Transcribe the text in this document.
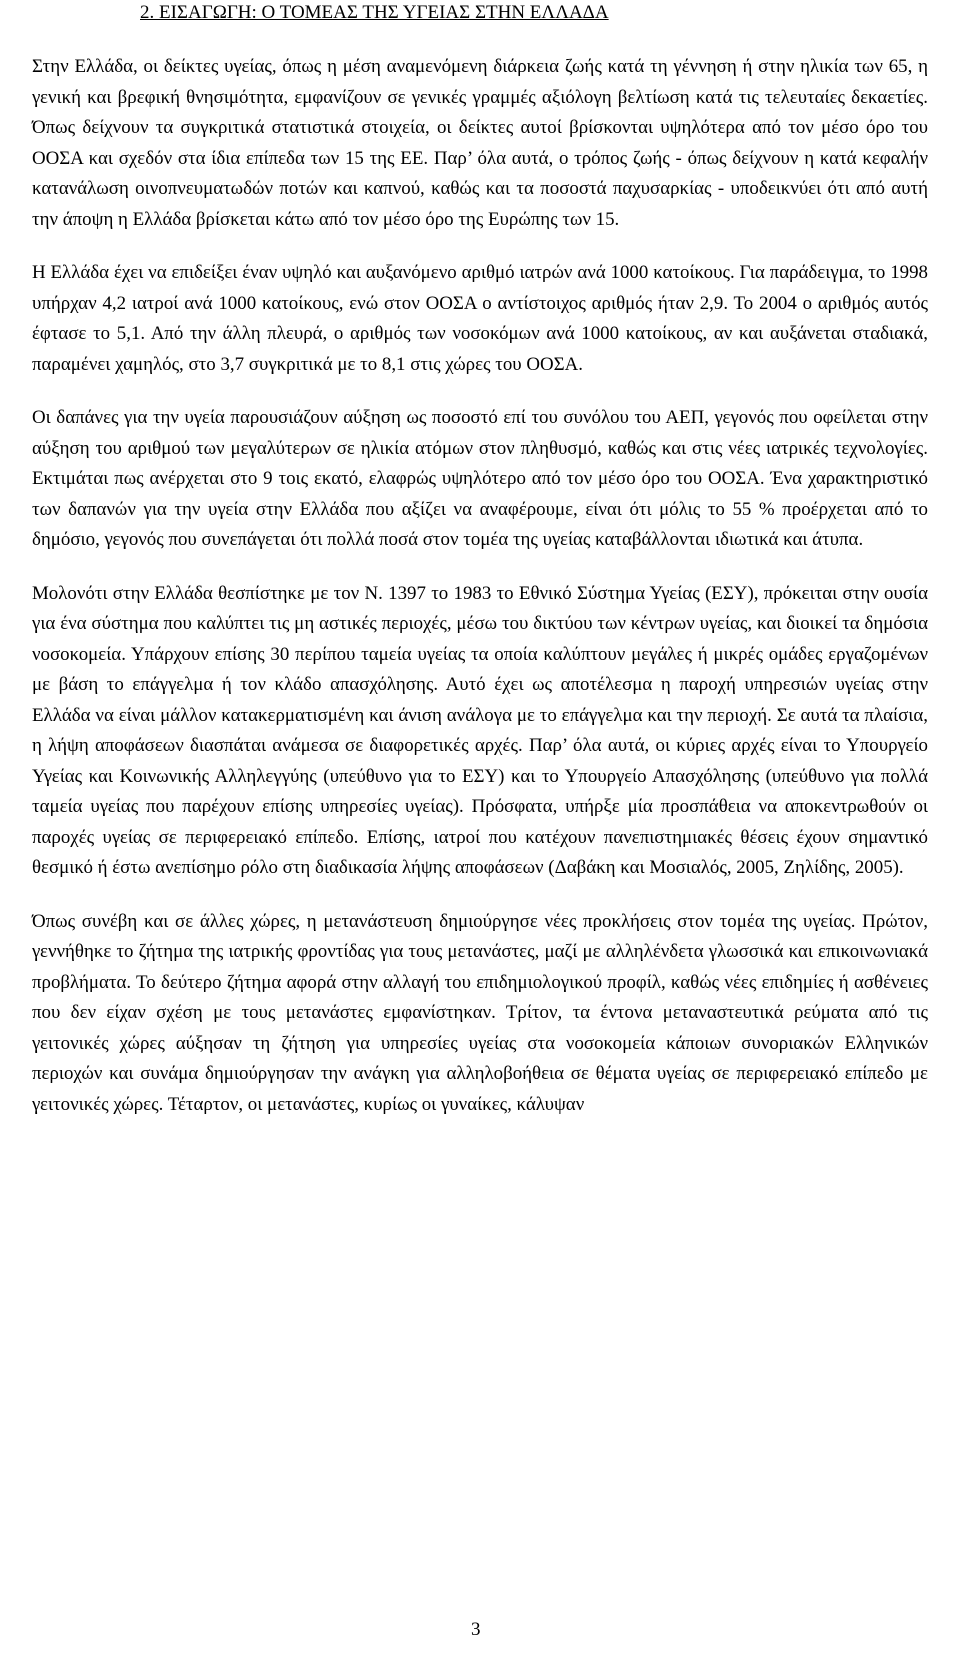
2. ΕΙΣΑΓΩΓΗ: Ο ΤΟΜΕΑΣ ΤΗΣ ΥΓΕΙΑΣ ΣΤΗΝ ΕΛΛΑΔΑ

Στην Ελλάδα, οι δείκτες υγείας, όπως η μέση αναμενόμενη διάρκεια ζωής κατά τη γέννηση ή στην ηλικία των 65, η γενική και βρεφική θνησιμότητα, εμφανίζουν σε γενικές γραμμές αξιόλογη βελτίωση κατά τις τελευταίες δεκαετίες. Όπως δείχνουν τα συγκριτικά στατιστικά στοιχεία, οι δείκτες αυτοί βρίσκονται υψηλότερα από τον μέσο όρο του ΟΟΣΑ και σχεδόν στα ίδια επίπεδα των 15 της ΕΕ. Παρ’ όλα αυτά, ο τρόπος ζωής - όπως δείχνουν η κατά κεφαλήν κατανάλωση οινοπνευματωδών ποτών και καπνού, καθώς και τα ποσοστά παχυσαρκίας - υποδεικνύει ότι από αυτή την άποψη η Ελλάδα βρίσκεται κάτω από τον μέσο όρο της Ευρώπης των 15.

Η Ελλάδα έχει να επιδείξει έναν υψηλό και αυξανόμενο αριθμό ιατρών ανά 1000 κατοίκους. Για παράδειγμα, το 1998 υπήρχαν 4,2 ιατροί ανά 1000 κατοίκους, ενώ στον ΟΟΣΑ ο αντίστοιχος αριθμός ήταν 2,9. Το 2004 ο αριθμός αυτός έφτασε το 5,1. Από την άλλη πλευρά, ο αριθμός των νοσοκόμων ανά 1000 κατοίκους, αν και αυξάνεται σταδιακά, παραμένει χαμηλός, στο 3,7 συγκριτικά με το 8,1 στις χώρες του ΟΟΣΑ.

Οι δαπάνες για την υγεία παρουσιάζουν αύξηση ως ποσοστό επί του συνόλου του ΑΕΠ, γεγονός που οφείλεται στην αύξηση του αριθμού των μεγαλύτερων σε ηλικία ατόμων στον πληθυσμό, καθώς και στις νέες ιατρικές τεχνολογίες. Εκτιμάται πως ανέρχεται στο 9 τοις εκατό, ελαφρώς υψηλότερο από τον μέσο όρο του ΟΟΣΑ. Ένα χαρακτηριστικό των δαπανών για την υγεία στην Ελλάδα που αξίζει να αναφέρουμε, είναι ότι μόλις το 55 % προέρχεται από το δημόσιο, γεγονός που συνεπάγεται ότι πολλά ποσά στον τομέα της υγείας καταβάλλονται ιδιωτικά και άτυπα.

Μολονότι στην Ελλάδα θεσπίστηκε με τον Ν. 1397 το 1983 το Εθνικό Σύστημα Υγείας (ΕΣΥ), πρόκειται στην ουσία για ένα σύστημα που καλύπτει τις μη αστικές περιοχές, μέσω του δικτύου των κέντρων υγείας, και διοικεί τα δημόσια νοσοκομεία. Υπάρχουν επίσης 30 περίπου ταμεία υγείας τα οποία καλύπτουν μεγάλες ή μικρές ομάδες εργαζομένων με βάση το επάγγελμα ή τον κλάδο απασχόλησης. Αυτό έχει ως αποτέλεσμα η παροχή υπηρεσιών υγείας στην Ελλάδα να είναι μάλλον κατακερματισμένη και άνιση ανάλογα με το επάγγελμα και την περιοχή. Σε αυτά τα πλαίσια, η λήψη αποφάσεων διασπάται ανάμεσα σε διαφορετικές αρχές. Παρ’ όλα αυτά, οι κύριες αρχές είναι το Υπουργείο Υγείας και Κοινωνικής Αλληλεγγύης (υπεύθυνο για το ΕΣΥ) και το Υπουργείο Απασχόλησης (υπεύθυνο για πολλά ταμεία υγείας που παρέχουν επίσης υπηρεσίες υγείας). Πρόσφατα, υπήρξε μία προσπάθεια να αποκεντρωθούν οι παροχές υγείας σε περιφερειακό επίπεδο. Επίσης, ιατροί που κατέχουν πανεπιστημιακές θέσεις έχουν σημαντικό θεσμικό ή έστω ανεπίσημο ρόλο στη διαδικασία λήψης αποφάσεων (Δαβάκη και Μοσιαλός, 2005, Ζηλίδης, 2005).

Όπως συνέβη και σε άλλες χώρες, η μετανάστευση δημιούργησε νέες προκλήσεις στον τομέα της υγείας. Πρώτον, γεννήθηκε το ζήτημα της ιατρικής φροντίδας για τους μετανάστες, μαζί με αλληλένδετα γλωσσικά και επικοινωνιακά προβλήματα. Το δεύτερο ζήτημα αφορά στην αλλαγή του επιδημιολογικού προφίλ, καθώς νέες επιδημίες ή ασθένειες που δεν είχαν σχέση με τους μετανάστες εμφανίστηκαν. Τρίτον, τα έντονα μεταναστευτικά ρεύματα από τις γειτονικές χώρες αύξησαν τη ζήτηση για υπηρεσίες υγείας στα νοσοκομεία κάποιων συνοριακών Ελληνικών περιοχών και συνάμα δημιούργησαν την ανάγκη για αλληλοβοήθεια σε θέματα υγείας σε περιφερειακό επίπεδο με γειτονικές χώρες. Τέταρτον, οι μετανάστες, κυρίως οι γυναίκες, κάλυψαν

3
